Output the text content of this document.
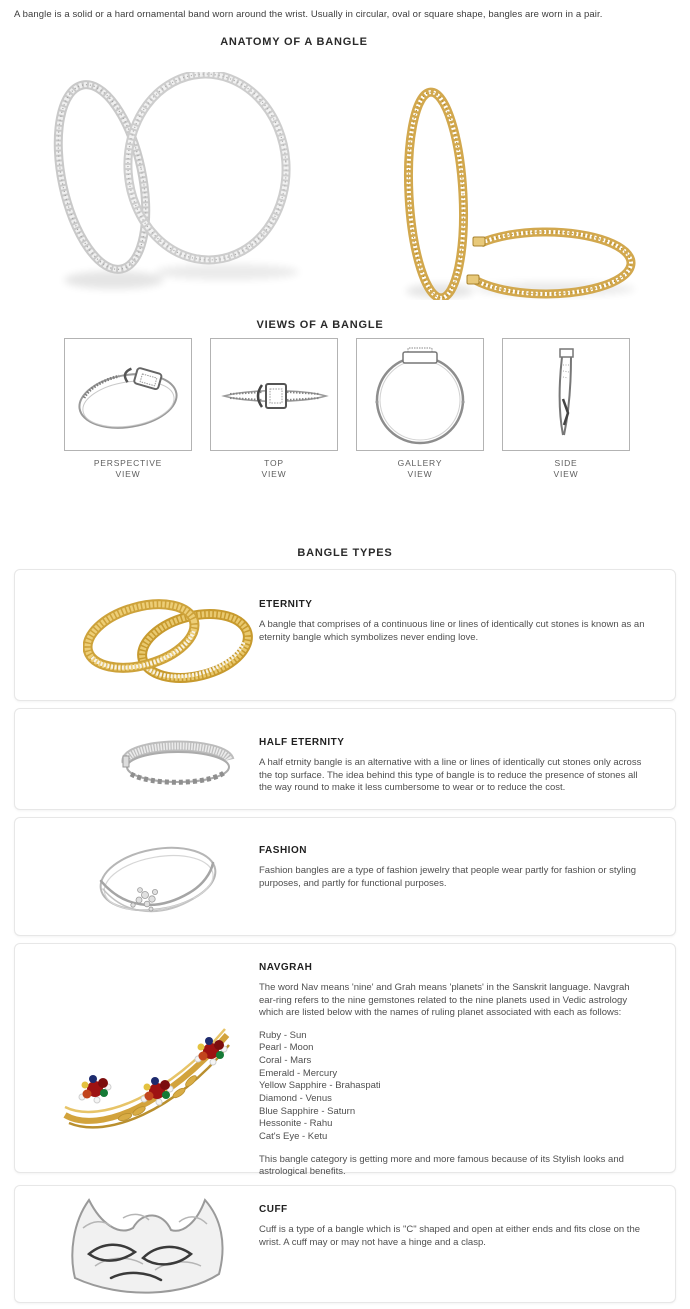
A bangle is a solid or a hard ornamental band worn around the wrist. Usually in circular, oval or square shape, bangles are worn in a pair.

ANATOMY OF A BANGLE
VIEWS OF A BANGLE
PERSPECTIVE
VIEW
TOP
VIEW
GALLERY
VIEW
SIDE
VIEW
BANGLE TYPES
ETERNITY

A bangle that comprises of a continuous line or lines of identically cut stones is known as an eternity bangle which symbolizes never ending love.

HALF ETERNITY

A half etrnity bangle is an alternative with a line or lines of identically cut stones only across the top surface. The idea behind this type of bangle is to reduce the presence of stones all the way round to make it less cumbersome to wear or to reduce the cost.

FASHION

Fashion bangles are a type of fashion jewelry that people wear partly for fashion or styling purposes, and partly for functional purposes.

NAVGRAH

The word Nav means 'nine' and Grah means 'planets' in the Sanskrit language. Navgrah ear-ring refers to the nine gemstones related to the nine planets used in Vedic astrology which are listed below with the names of ruling planet associated with each as follows:

Ruby - Sun
Pearl - Moon
Coral - Mars
Emerald - Mercury
Yellow Sapphire - Brahaspati
Diamond - Venus
Blue Sapphire - Saturn
Hessonite - Rahu
Cat's Eye - Ketu

This bangle category is getting more and more famous because of its Stylish looks and astrological benefits.

CUFF

Cuff is a type of a bangle which is "C" shaped and open at either ends and fits close on the wrist. A cuff may or may not have a hinge and a clasp.
